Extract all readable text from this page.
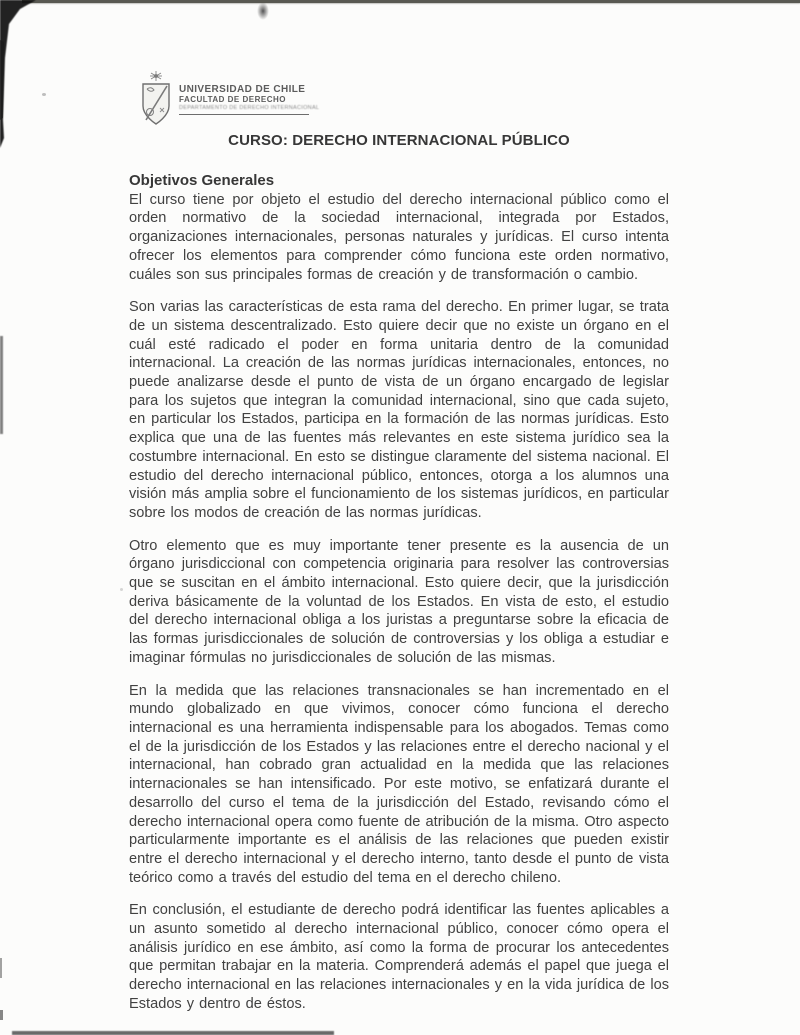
UNIVERSIDAD DE CHILE
FACULTAD DE DERECHO
DEPARTAMENTO DE DERECHO INTERNACIONAL
CURSO: DERECHO INTERNACIONAL PÚBLICO
Objetivos Generales

El curso tiene por objeto el estudio del derecho internacional público como el orden normativo de la sociedad internacional, integrada por Estados, organizaciones internacionales, personas naturales y jurídicas. El curso intenta ofrecer los elementos para comprender cómo funciona este orden normativo, cuáles son sus principales formas de creación y de transformación o cambio.

Son varias las características de esta rama del derecho. En primer lugar, se trata de un sistema descentralizado. Esto quiere decir que no existe un órgano en el cuál esté radicado el poder en forma unitaria dentro de la comunidad internacional. La creación de las normas jurídicas internacionales, entonces, no puede analizarse desde el punto de vista de un órgano encargado de legislar para los sujetos que integran la comunidad internacional, sino que cada sujeto, en particular los Estados, participa en la formación de las normas jurídicas. Esto explica que una de las fuentes más relevantes en este sistema jurídico sea la costumbre internacional. En esto se distingue claramente del sistema nacional. El estudio del derecho internacional público, entonces, otorga a los alumnos una visión más amplia sobre el funcionamiento de los sistemas jurídicos, en particular sobre los modos de creación de las normas jurídicas.

Otro elemento que es muy importante tener presente es la ausencia de un órgano jurisdiccional con competencia originaria para resolver las controversias que se suscitan en el ámbito internacional. Esto quiere decir, que la jurisdicción deriva básicamente de la voluntad de los Estados. En vista de esto, el estudio del derecho internacional obliga a los juristas a preguntarse sobre la eficacia de las formas jurisdiccionales de solución de controversias y los obliga a estudiar e imaginar fórmulas no jurisdiccionales de solución de las mismas.

En la medida que las relaciones transnacionales se han incrementado en el mundo globalizado en que vivimos, conocer cómo funciona el derecho internacional es una herramienta indispensable para los abogados. Temas como el de la jurisdicción de los Estados y las relaciones entre el derecho nacional y el internacional, han cobrado gran actualidad en la medida que las relaciones internacionales se han intensificado. Por este motivo, se enfatizará durante el desarrollo del curso el tema de la jurisdicción del Estado, revisando cómo el derecho internacional opera como fuente de atribución de la misma. Otro aspecto particularmente importante es el análisis de las relaciones que pueden existir entre el derecho internacional y el derecho interno, tanto desde el punto de vista teórico como a través del estudio del tema en el derecho chileno.

En conclusión, el estudiante de derecho podrá identificar las fuentes aplicables a un asunto sometido al derecho internacional público, conocer cómo opera el análisis jurídico en ese ámbito, así como la forma de procurar los antecedentes que permitan trabajar en la materia. Comprenderá además el papel que juega el derecho internacional en las relaciones internacionales y en la vida jurídica de los Estados y dentro de éstos.
